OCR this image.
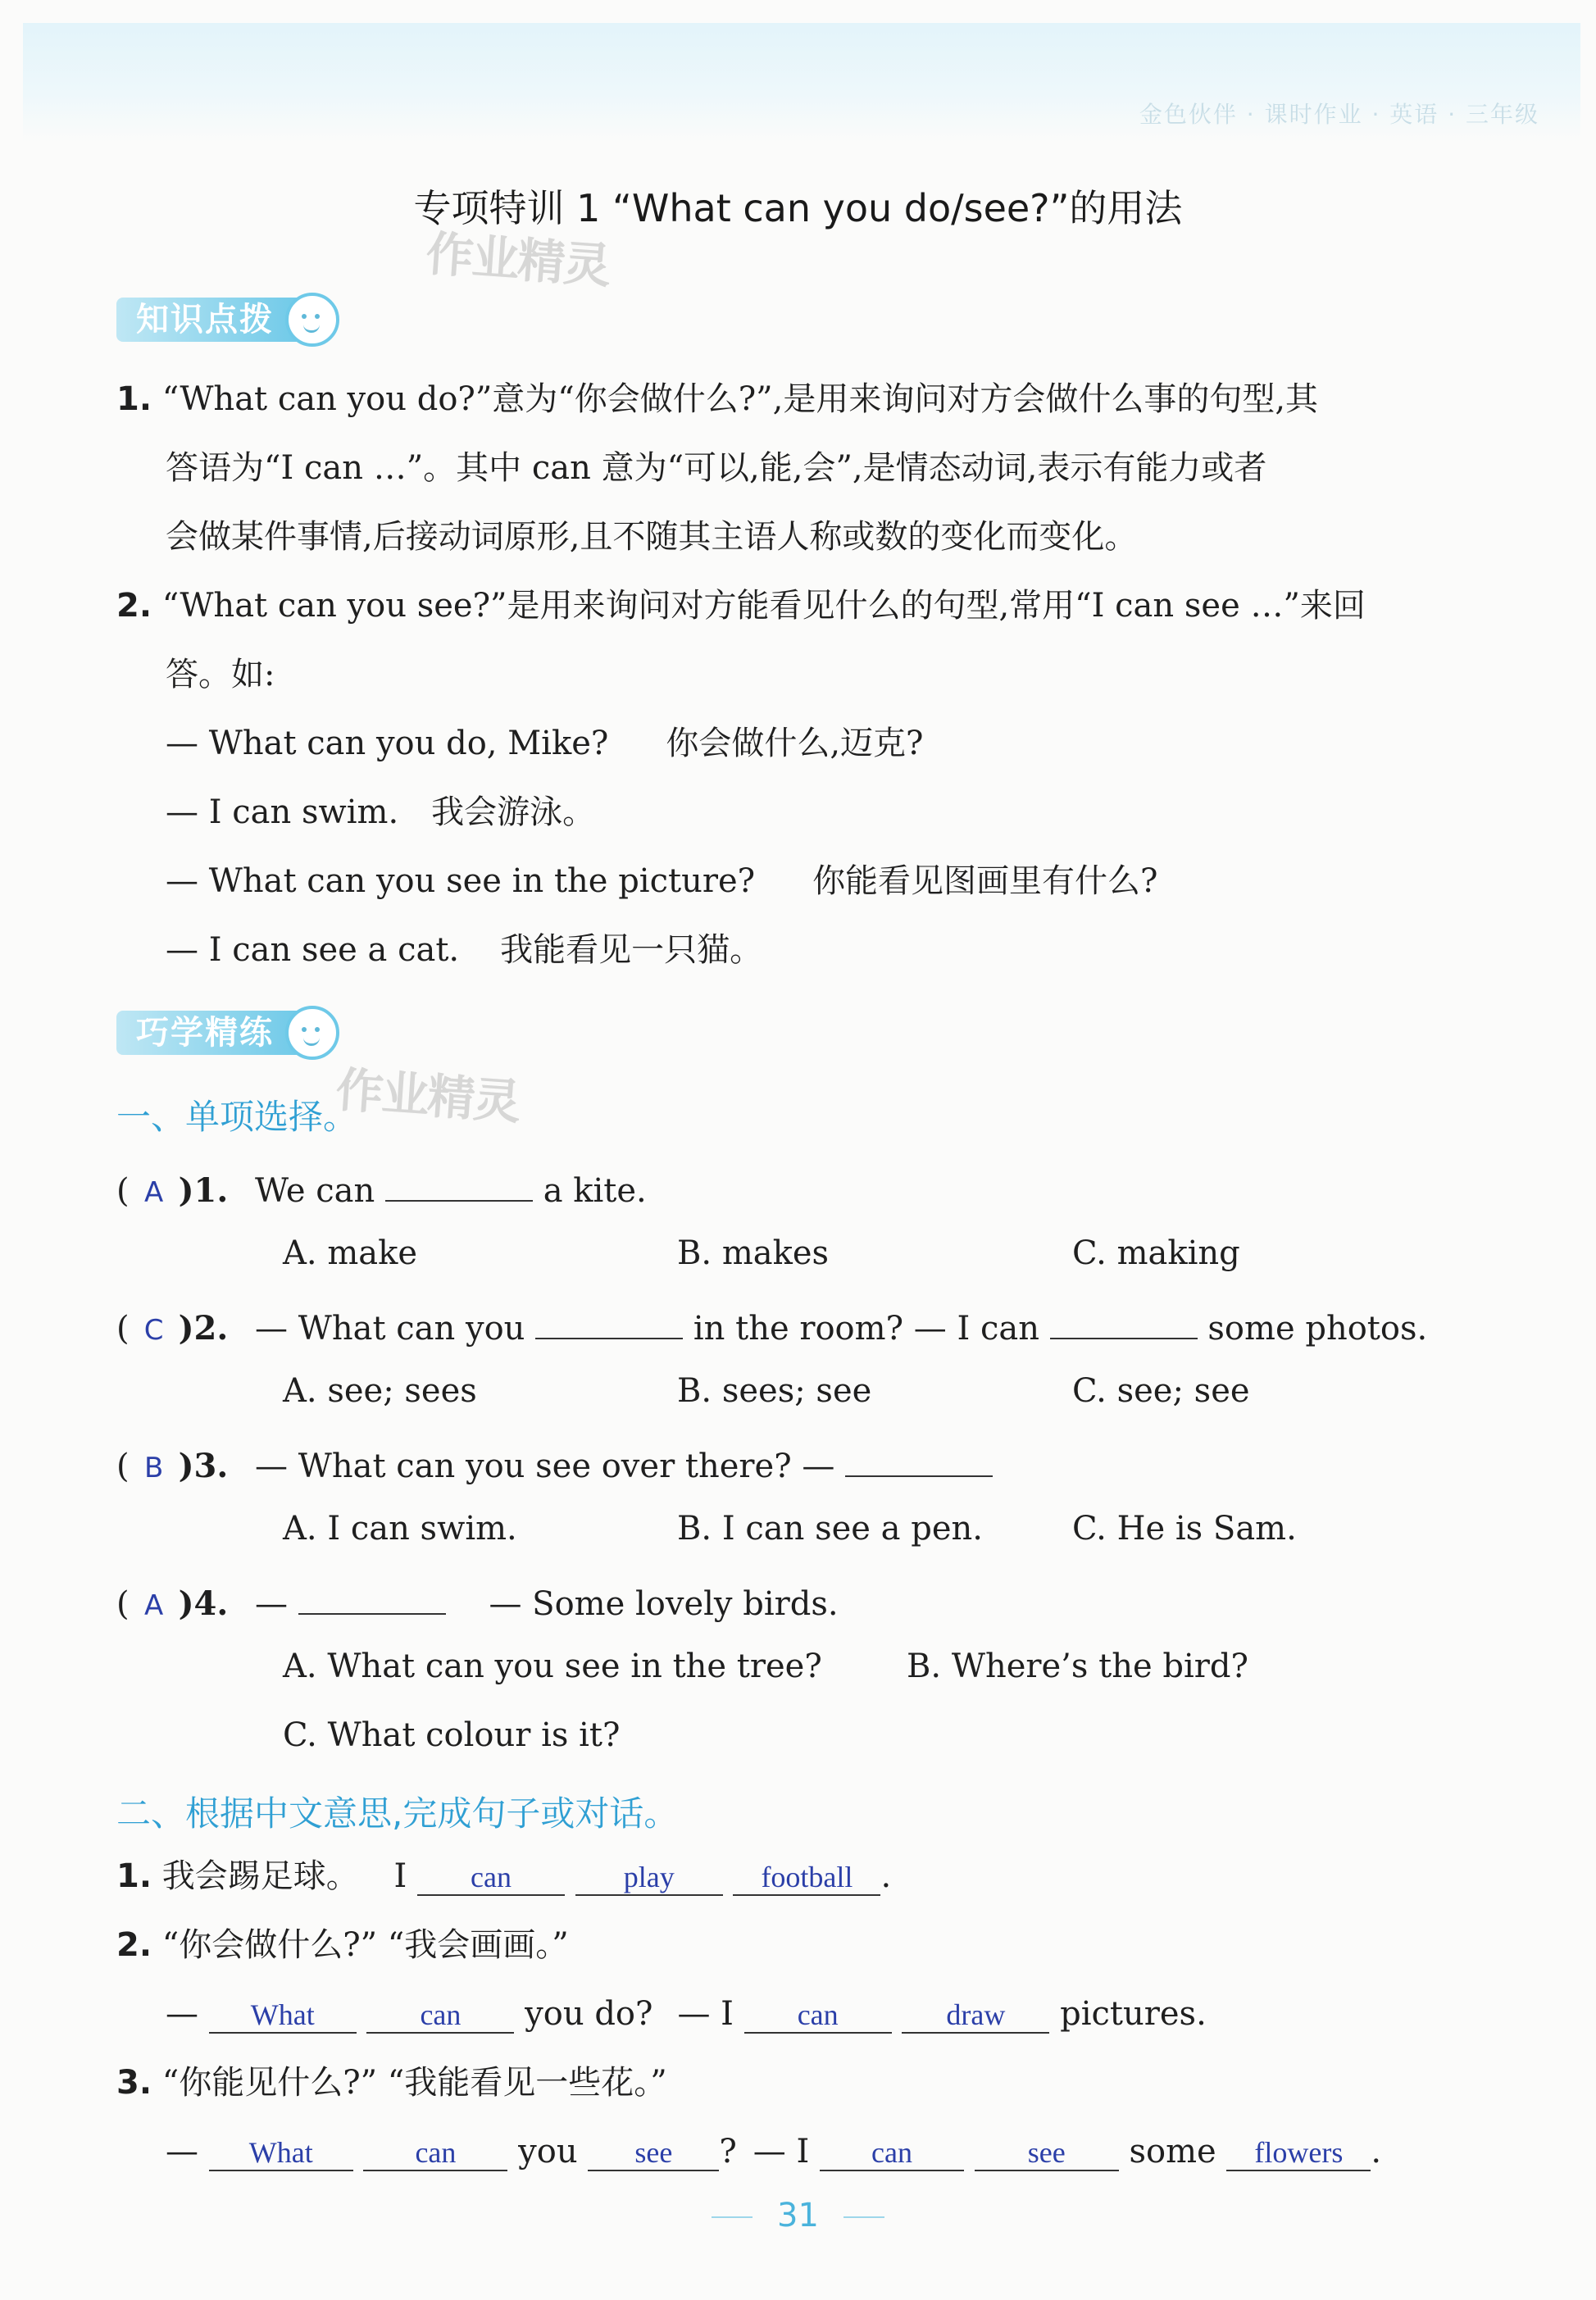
金色伙伴 · 课时作业 · 英语 · 三年级
专项特训 1 “What can you do/see?”的用法
作业精灵
知识点拨
1. “What can you do?”意为“你会做什么?”,是用来询问对方会做什么事的句型,其
答语为“I can …”。其中 can 意为“可以,能,会”,是情态动词,表示有能力或者
会做某件事情,后接动词原形,且不随其主语人称或数的变化而变化。
2. “What can you see?”是用来询问对方能看见什么的句型,常用“I can see …”来回
答。如:
— What can you do, Mike? 你会做什么,迈克?
— I can swim. 我会游泳。
— What can you see in the picture? 你能看见图画里有什么?
— I can see a cat. 我能看见一只猫。
巧学精练
作业精灵
一、单项选择。
( A )1. We can	a kite.
A. make	B. makes	C. making
( C )2. — What can you	in the room? — I can	some photos.
A. see; sees	B. sees; see	C. see; see
( B )3. — What can you see over there? —
A. I can swim.	B. I can see a pen.	C. He is Sam.
( A )4. —	— Some lovely birds.
A. What can you see in the tree?	B. Where’s the bird?
C. What colour is it?
二、根据中文意思,完成句子或对话。
1. 我会踢足球。 I can	play	football .
2. “你会做什么?” “我会画画。”
— What	can you do? — I can	draw pictures.
3. “你能见什么?” “我能看见一些花。”
— What	can you see ? — I can	see some flowers .
31
